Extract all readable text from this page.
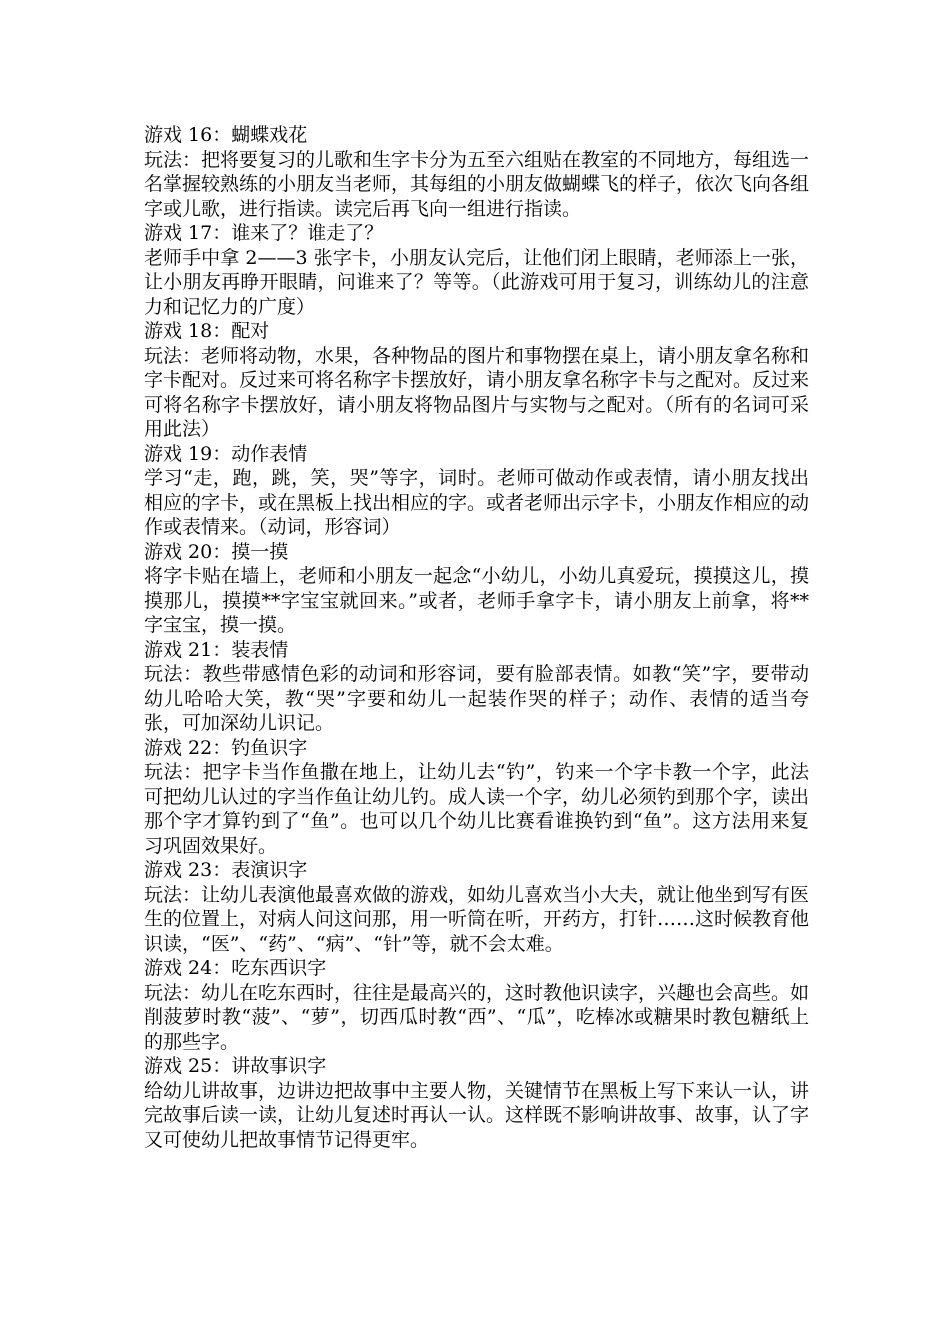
游戏 16：蝴蝶戏花

玩法：把将要复习的儿歌和生字卡分为五至六组贴在教室的不同地方，每组选一名掌握较熟练的小朋友当老师，其每组的小朋友做蝴蝶飞的样子，依次飞向各组字或儿歌，进行指读。读完后再飞向一组进行指读。

游戏 17：谁来了？谁走了？

老师手中拿 2——3 张字卡，小朋友认完后，让他们闭上眼睛，老师添上一张，让小朋友再睁开眼睛，问谁来了？等等。（此游戏可用于复习，训练幼儿的注意力和记忆力的广度）

游戏 18：配对

玩法：老师将动物，水果，各种物品的图片和事物摆在桌上，请小朋友拿名称和字卡配对。反过来可将名称字卡摆放好，请小朋友拿名称字卡与之配对。反过来可将名称字卡摆放好，请小朋友将物品图片与实物与之配对。（所有的名词可采用此法）

游戏 19：动作表情

学习“走，跑，跳，笑，哭”等字，词时。老师可做动作或表情，请小朋友找出相应的字卡，或在黑板上找出相应的字。或者老师出示字卡，小朋友作相应的动作或表情来。（动词，形容词）

游戏 20：摸一摸

将字卡贴在墙上，老师和小朋友一起念“小幼儿，小幼儿真爱玩，摸摸这儿，摸摸那儿，摸摸**字宝宝就回来。”或者，老师手拿字卡，请小朋友上前拿，将**字宝宝，摸一摸。

游戏 21：装表情

玩法：教些带感情色彩的动词和形容词，要有脸部表情。如教“笑”字，要带动幼儿哈哈大笑，教“哭”字要和幼儿一起装作哭的样子；动作、表情的适当夸张，可加深幼儿识记。

游戏 22：钓鱼识字

玩法：把字卡当作鱼撒在地上，让幼儿去“钓”，钓来一个字卡教一个字，此法可把幼儿认过的字当作鱼让幼儿钓。成人读一个字，幼儿必须钓到那个字，读出那个字才算钓到了“鱼”。也可以几个幼儿比赛看谁换钓到“鱼”。这方法用来复习巩固效果好。

游戏 23：表演识字

玩法：让幼儿表演他最喜欢做的游戏，如幼儿喜欢当小大夫，就让他坐到写有医生的位置上，对病人问这问那，用一听筒在听，开药方，打针……这时候教育他识读，“医”、“药”、“病”、“针”等，就不会太难。

游戏 24：吃东西识字

玩法：幼儿在吃东西时，往往是最高兴的，这时教他识读字，兴趣也会高些。如削菠萝时教“菠”、“萝”，切西瓜时教“西”、“瓜”，吃棒冰或糖果时教包糖纸上的那些字。

游戏 25：讲故事识字

给幼儿讲故事，边讲边把故事中主要人物，关键情节在黑板上写下来认一认，讲完故事后读一读，让幼儿复述时再认一认。这样既不影响讲故事、故事，认了字又可使幼儿把故事情节记得更牢。
